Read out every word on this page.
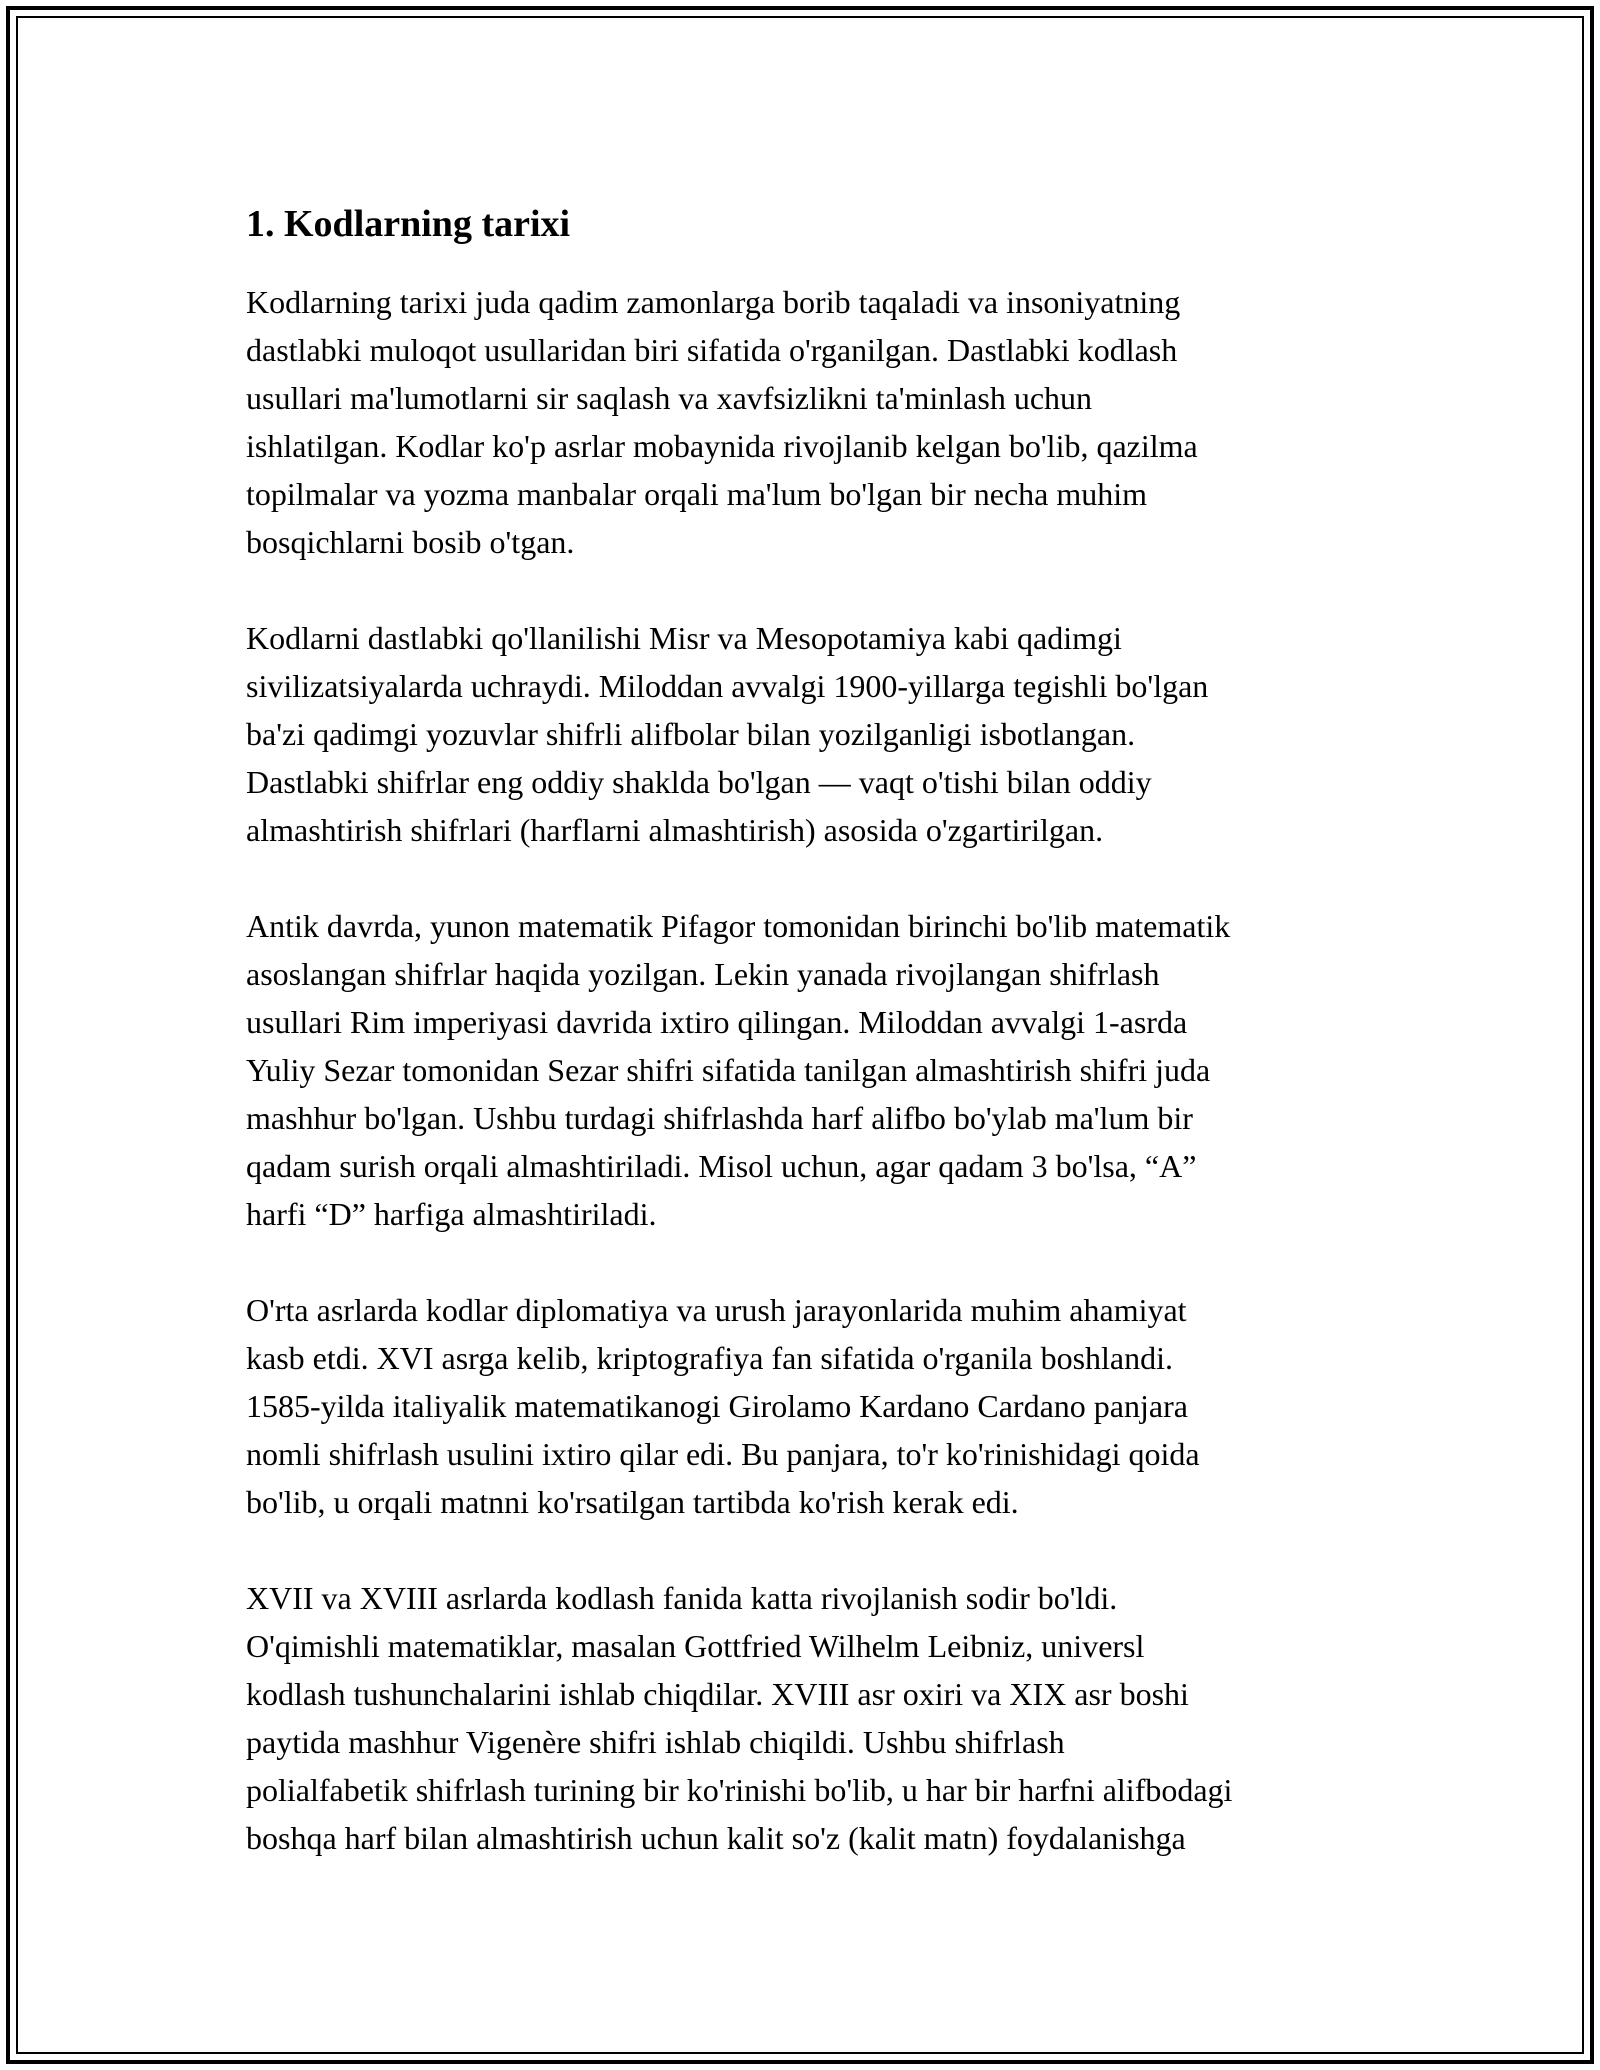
1. Kodlarning tarixi

Kodlarning tarixi juda qadim zamonlarga borib taqaladi va insoniyatning
dastlabki muloqot usullaridan biri sifatida o'rganilgan. Dastlabki kodlash
usullari ma'lumotlarni sir saqlash va xavfsizlikni ta'minlash uchun
ishlatilgan. Kodlar ko'p asrlar mobaynida rivojlanib kelgan bo'lib, qazilma
topilmalar va yozma manbalar orqali ma'lum bo'lgan bir necha muhim
bosqichlarni bosib o'tgan.

Kodlarni dastlabki qo'llanilishi Misr va Mesopotamiya kabi qadimgi
sivilizatsiyalarda uchraydi. Miloddan avvalgi 1900-yillarga tegishli bo'lgan
ba'zi qadimgi yozuvlar shifrli alifbolar bilan yozilganligi isbotlangan.
Dastlabki shifrlar eng oddiy shaklda bo'lgan — vaqt o'tishi bilan oddiy
almashtirish shifrlari (harflarni almashtirish) asosida o'zgartirilgan.

Antik davrda, yunon matematik Pifagor tomonidan birinchi bo'lib matematik
asoslangan shifrlar haqida yozilgan. Lekin yanada rivojlangan shifrlash
usullari Rim imperiyasi davrida ixtiro qilingan. Miloddan avvalgi 1-asrda
Yuliy Sezar tomonidan Sezar shifri sifatida tanilgan almashtirish shifri juda
mashhur bo'lgan. Ushbu turdagi shifrlashda harf alifbo bo'ylab ma'lum bir
qadam surish orqali almashtiriladi. Misol uchun, agar qadam 3 bo'lsa, “A”
harfi “D” harfiga almashtiriladi.

O'rta asrlarda kodlar diplomatiya va urush jarayonlarida muhim ahamiyat
kasb etdi. XVI asrga kelib, kriptografiya fan sifatida o'rganila boshlandi.
1585-yilda italiyalik matematikanogi Girolamo Kardano Cardano panjara
nomli shifrlash usulini ixtiro qilar edi. Bu panjara, to'r ko'rinishidagi qoida
bo'lib, u orqali matnni ko'rsatilgan tartibda ko'rish kerak edi.

XVII va XVIII asrlarda kodlash fanida katta rivojlanish sodir bo'ldi.
O'qimishli matematiklar, masalan Gottfried Wilhelm Leibniz, universl
kodlash tushunchalarini ishlab chiqdilar. XVIII asr oxiri va XIX asr boshi
paytida mashhur Vigenère shifri ishlab chiqildi. Ushbu shifrlash
polialfabetik shifrlash turining bir ko'rinishi bo'lib, u har bir harfni alifbodagi
boshqa harf bilan almashtirish uchun kalit so'z (kalit matn) foydalanishga
